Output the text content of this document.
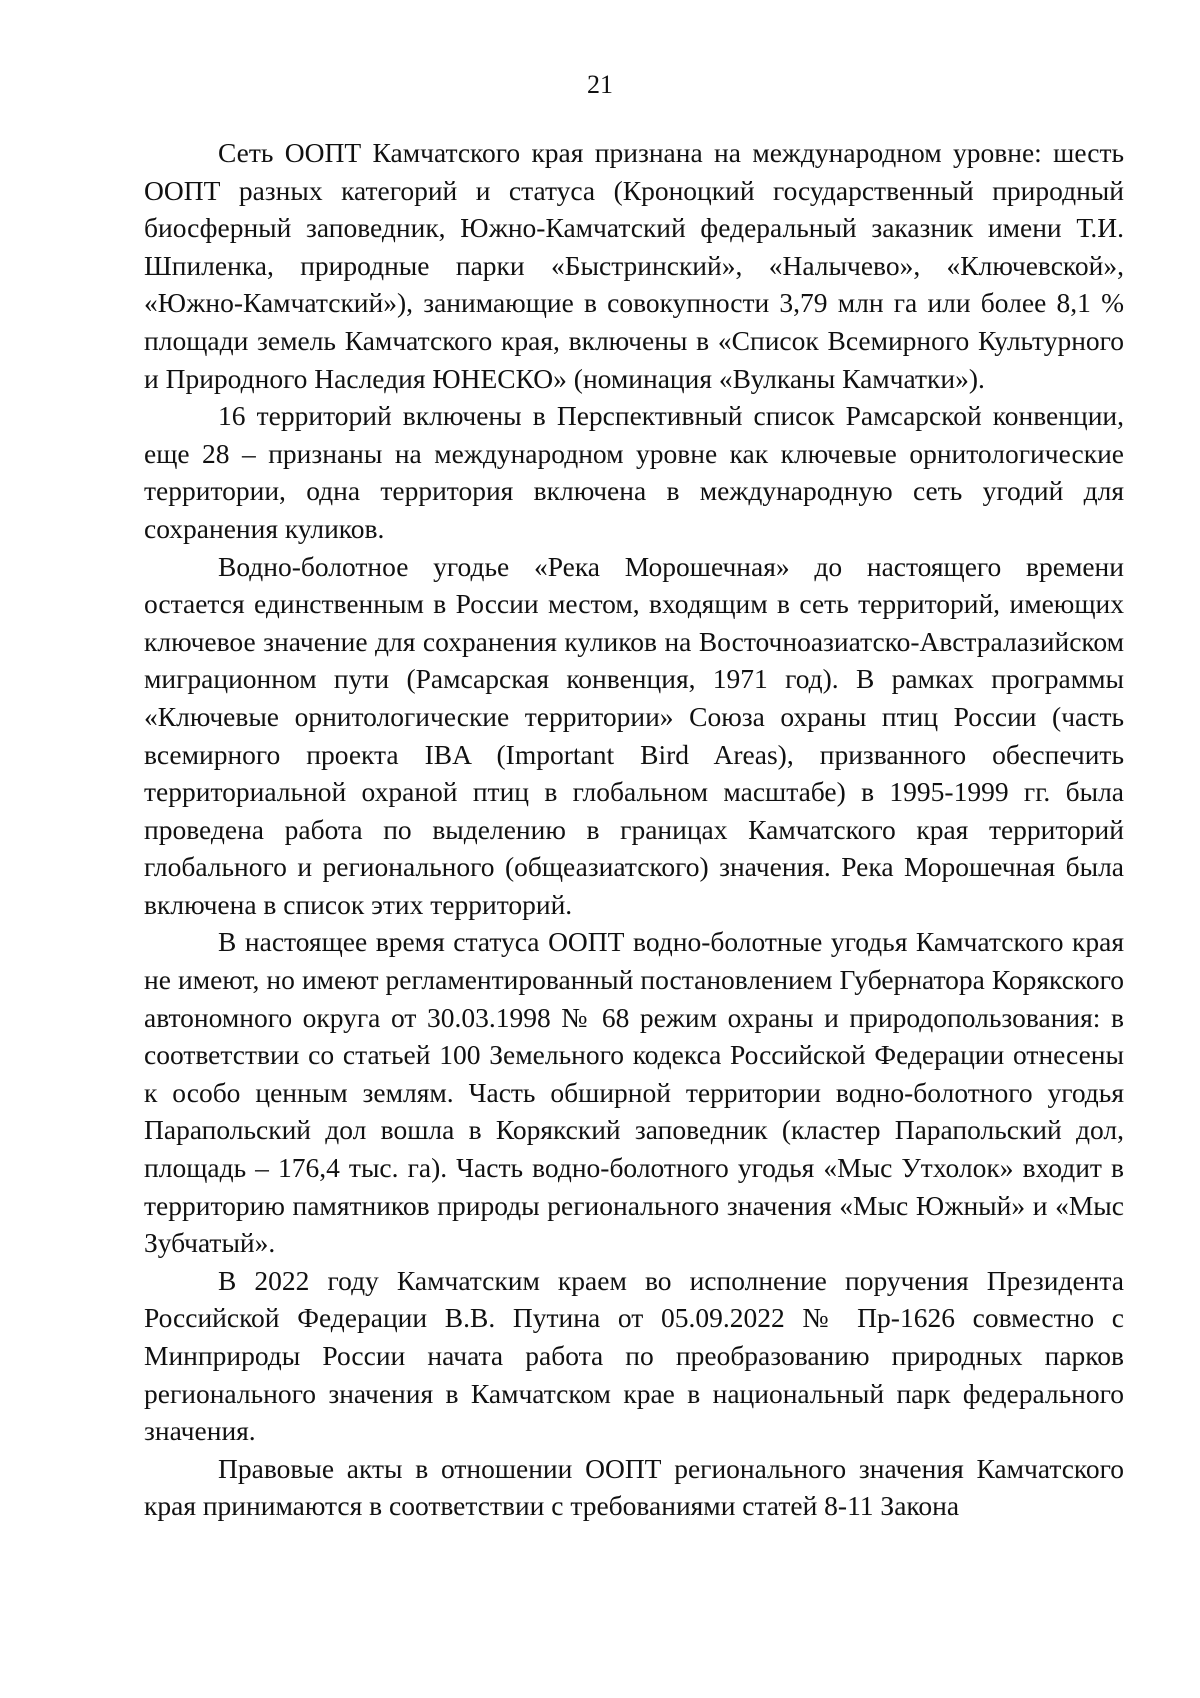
21

Сеть ООПТ Камчатского края признана на международном уровне: шесть ООПТ разных категорий и статуса (Кроноцкий государственный природный биосферный заповедник, Южно-Камчатский федеральный заказник имени Т.И. Шпиленка, природные парки «Быстринский», «Налычево», «Ключевской», «Южно-Камчатский»), занимающие в совокупности 3,79 млн га или более 8,1 % площади земель Камчатского края, включены в «Список Всемирного Культурного и Природного Наследия ЮНЕСКО» (номинация «Вулканы Камчатки»).

16 территорий включены в Перспективный список Рамсарской конвенции, еще 28 – признаны на международном уровне как ключевые орнитологические территории, одна территория включена в международную сеть угодий для сохранения куликов.

Водно-болотное угодье «Река Морошечная» до настоящего времени остается единственным в России местом, входящим в сеть территорий, имеющих ключевое значение для сохранения куликов на Восточноазиатско-Австралазийском миграционном пути (Рамсарская конвенция, 1971 год). В рамках программы «Ключевые орнитологические территории» Союза охраны птиц России (часть всемирного проекта IBA (Important Bird Areas), призванного обеспечить территориальной охраной птиц в глобальном масштабе) в 1995-1999 гг. была проведена работа по выделению в границах Камчатского края территорий глобального и регионального (общеазиатского) значения. Река Морошечная была включена в список этих территорий.

В настоящее время статуса ООПТ водно-болотные угодья Камчатского края не имеют, но имеют регламентированный постановлением Губернатора Корякского автономного округа от 30.03.1998 № 68 режим охраны и природопользования: в соответствии со статьей 100 Земельного кодекса Российской Федерации отнесены к особо ценным землям. Часть обширной территории водно-болотного угодья Парапольский дол вошла в Корякский заповедник (кластер Парапольский дол, площадь – 176,4 тыс. га). Часть водно-болотного угодья «Мыс Утхолок» входит в территорию памятников природы регионального значения «Мыс Южный» и «Мыс Зубчатый».

В 2022 году Камчатским краем во исполнение поручения Президента Российской Федерации В.В. Путина от 05.09.2022 № Пр-1626 совместно с Минприроды России начата работа по преобразованию природных парков регионального значения в Камчатском крае в национальный парк федерального значения.

Правовые акты в отношении ООПТ регионального значения Камчатского края принимаются в соответствии с требованиями статей 8-11 Закона
